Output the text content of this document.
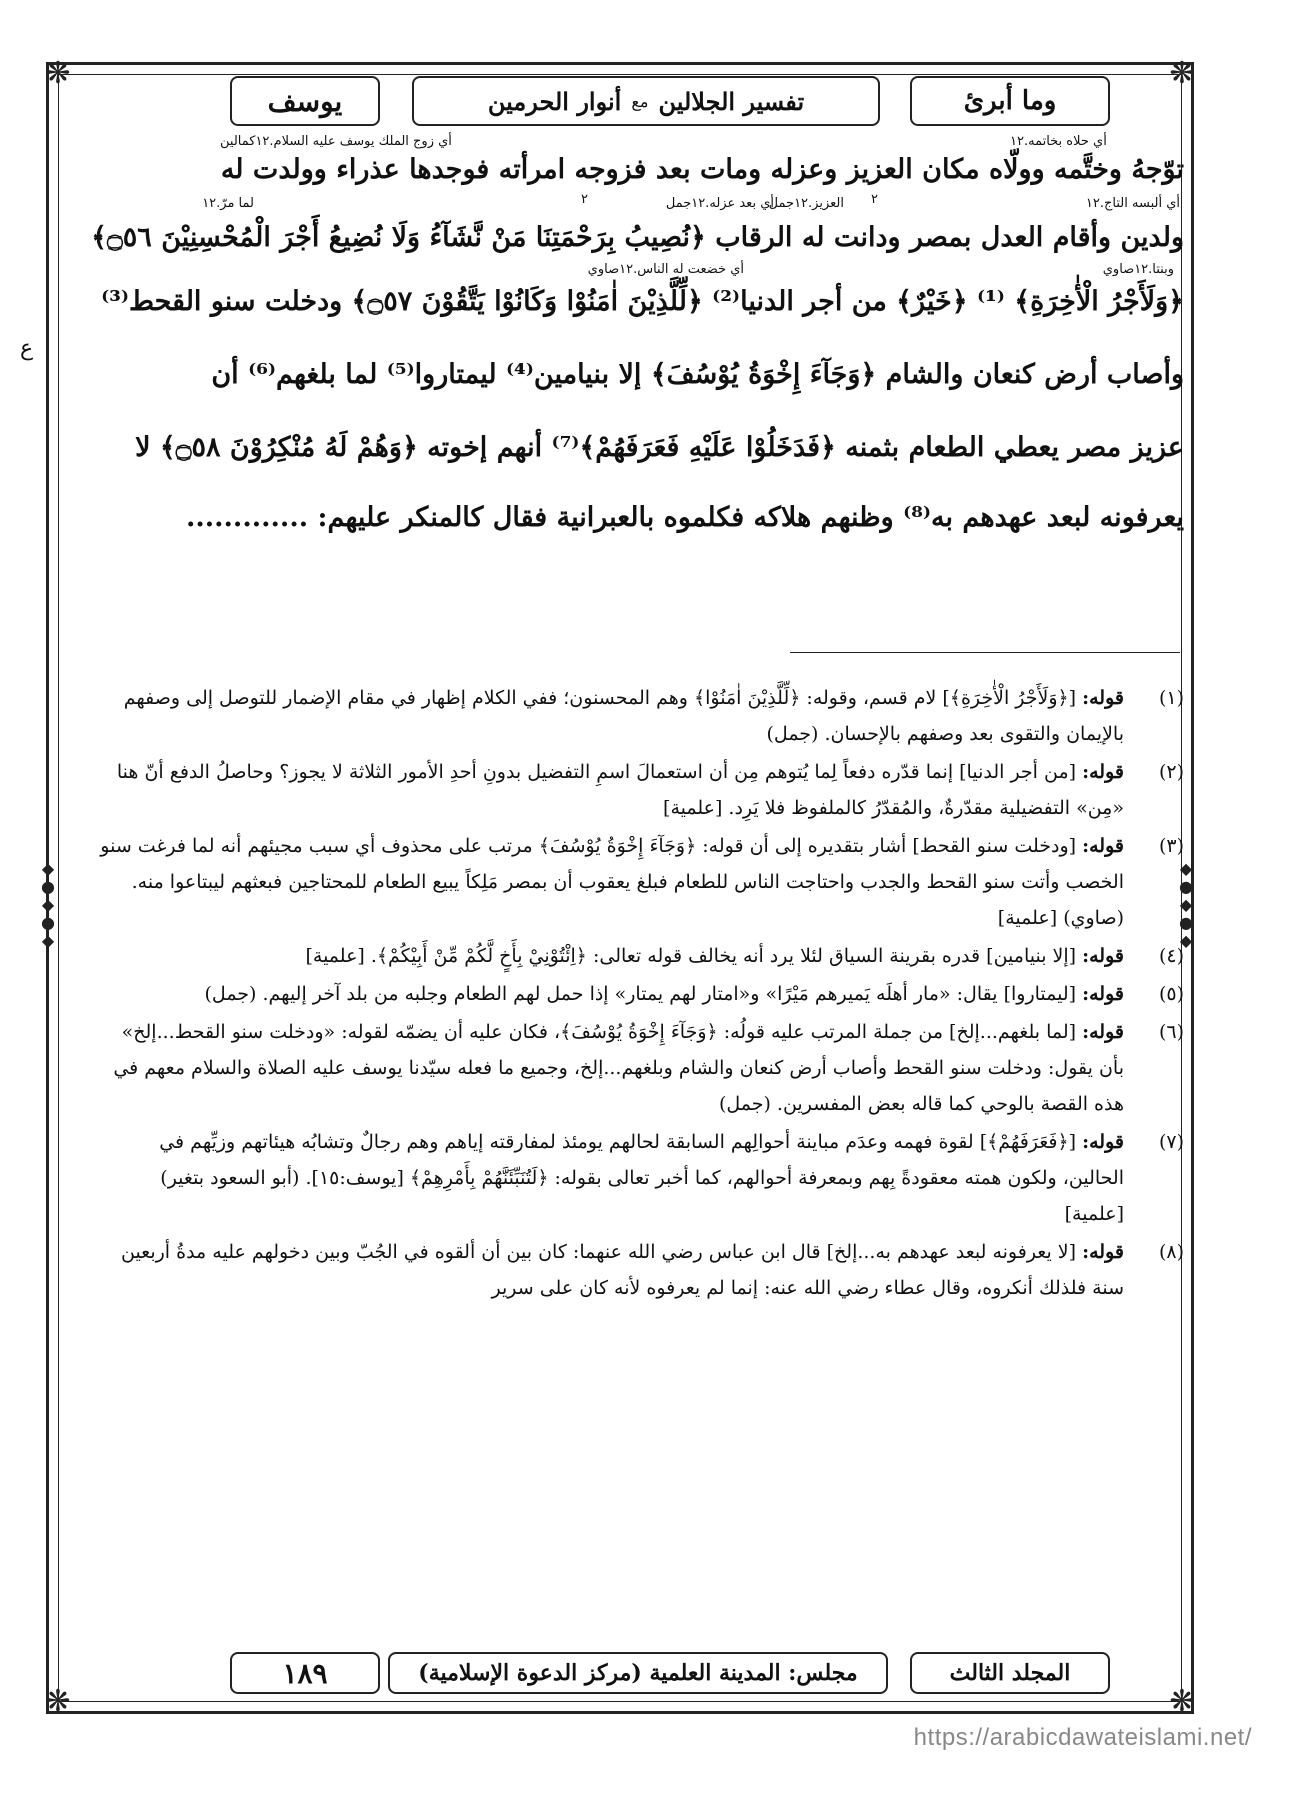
❋	❋
❋	❋
◆
●
◆
●
◆
◆
●
◆
●
◆
يوسف	تفسير الجلالين
مع
أنوار الحرمين	وما أبرئ
أي زوج الملك يوسف عليه السلام.١٢كمالين	أي حلاه بخاتمه.١٢
توّجهُ وختَّمه وولّاه مكان العزيز وعزله ومات بعد فزوجه امرأته فوجدها عذراء وولدت له
أي ألبسه التاج.١٢
٢
العزيز.١٢جمل
٢	أي بعد عزله.١٢جمل
لما مرّ.١٢
ولدين وأقام العدل بمصر ودانت له الرقاب ﴿نُصِيبُ بِرَحْمَتِنَا مَنْ نَّشَآءُ وَلَا نُضِيعُ أَجْرَ الْمُحْسِنِيْنَ ۝٥٦﴾
وبنتا.١٢صاوي
أي خضعت له الناس.١٢صاوي
﴿وَلَأَجْرُ الْأٰخِرَةِ﴾ ⁽¹⁾ ﴿خَيْرٌ﴾ من أجر الدنيا⁽²⁾ ﴿لِّلَّذِيْنَ اٰمَنُوْا وَكَانُوْا يَتَّقُوْنَ ۝٥٧﴾ ودخلت سنو القحط⁽³⁾
وأصاب أرض كنعان والشام ﴿وَجَآءَ إِخْوَةُ يُوْسُفَ﴾ إلا بنيامين⁽⁴⁾ ليمتاروا⁽⁵⁾ لما بلغهم⁽⁶⁾ أن
عزيز مصر يعطي الطعام بثمنه ﴿فَدَخَلُوْا عَلَيْهِ فَعَرَفَهُمْ﴾⁽⁷⁾ أنهم إخوته ﴿وَهُمْ لَهُ مُنْكِرُوْنَ ۝٥٨﴾ لا
يعرفونه لبعد عهدهم به⁽⁸⁾ وظنهم هلاكه فكلموه بالعبرانية فقال كالمنكر عليهم: .............
ع
(١)
قوله: [﴿وَلَأَجْرُ الْأٰخِرَةِ﴾] لام قسم، وقوله: ﴿لِّلَّذِيْنَ اٰمَنُوْا﴾ وهم المحسنون؛ ففي الكلام إظهار في مقام الإضمار للتوصل إلى وصفهم بالإيمان والتقوى بعد وصفهم بالإحسان. (جمل)
(٢)
قوله: [من أجر الدنيا] إنما قدّره دفعاً لِما يُتوهم مِن أن استعمالَ اسمِ التفضيل بدونِ أحدِ الأمور الثلاثة لا يجوز؟ وحاصلُ الدفع أنّ هنا «مِن» التفضيلية مقدّرةٌ، والمُقدّرُ كالملفوظ فلا يَرِد. [علمية]
(٣)
قوله: [ودخلت سنو القحط] أشار بتقديره إلى أن قوله: ﴿وَجَآءَ إِخْوَةُ يُوْسُفَ﴾ مرتب على محذوف أي سبب مجيئهم أنه لما فرغت سنو الخصب وأتت سنو القحط والجدب واحتاجت الناس للطعام فبلغ يعقوب أن بمصر مَلِكاً يبيع الطعام للمحتاجين فبعثهم ليبتاعوا منه. (صاوي) [علمية]
(٤)
قوله: [إلا بنيامين] قدره بقرينة السياق لئلا يرد أنه يخالف قوله تعالى: ﴿اِئْتُوْنِيْ بِأَخٍ لَّكُمْ مِّنْ أَبِيْكُمْ﴾. [علمية]
(٥)
قوله: [ليمتاروا] يقال: «مار أهلَه يَميرهم مَيْرًا» و«امتار لهم يمتار» إذا حمل لهم الطعام وجلبه من بلد آخر إليهم. (جمل)
(٦)
قوله: [لما بلغهم...إلخ] من جملة المرتب عليه قولُه: ﴿وَجَآءَ إِخْوَةُ يُوْسُفَ﴾، فكان عليه أن يضمّه لقوله: «ودخلت سنو القحط...إلخ» بأن يقول: ودخلت سنو القحط وأصاب أرض كنعان والشام وبلغهم...إلخ، وجميع ما فعله سيّدنا يوسف عليه الصلاة والسلام معهم في هذه القصة بالوحي كما قاله بعض المفسرين. (جمل)
(٧)
قوله: [﴿فَعَرَفَهُمْ﴾] لقوة فهمه وعدَم مباينة أحوالِهم السابقة لحالهم يومئذ لمفارقته إياهم وهم رجالٌ وتشابُه هيئاتهم وزيِّهم في الحالين، ولكون همته معقودةً بِهم وبمعرفة أحوالهم، كما أخبر تعالى بقوله: ﴿لَتُنَبِّئَنَّهُمْ بِأَمْرِهِمْ﴾ [يوسف:١٥]. (أبو السعود بتغير) [علمية]
(٨)
قوله: [لا يعرفونه لبعد عهدهم به...إلخ] قال ابن عباس رضي الله عنهما: كان بين أن ألقوه في الجُبّ وبين دخولهم عليه مدةُ أربعين سنة فلذلك أنكروه، وقال عطاء رضي الله عنه: إنما لم يعرفوه لأنه كان على سرير
١٨٩	مجلس: المدينة العلمية (مركز الدعوة الإسلامية)	المجلد الثالث
https://arabicdawateislami.net/
